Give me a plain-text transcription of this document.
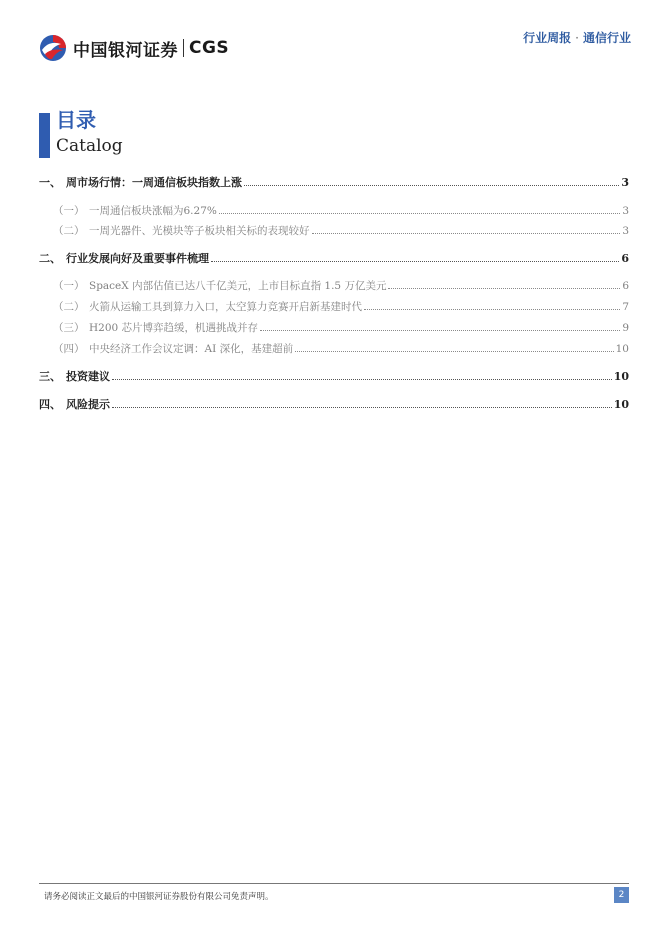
中国银河证券 CGS	行业周报 · 通信行业
目录
Catalog
一、 周市场行情：一周通信板块指数上涨	3
（一） 一周通信板块涨幅为6.27%	3
（二） 一周光器件、光模块等子板块相关标的表现较好	3
二、 行业发展向好及重要事件梳理	6
（一） SpaceX 内部估值已达八千亿美元，上市目标直指 1.5 万亿美元	6
（二） 火箭从运输工具到算力入口，太空算力竞赛开启新基建时代	7
（三） H200 芯片博弈趋缓，机遇挑战并存	9
（四） 中央经济工作会议定调：AI 深化，基建超前	10
三、 投资建议	10
四、 风险提示	10
请务必阅读正文最后的中国银河证券股份有限公司免责声明。	2
